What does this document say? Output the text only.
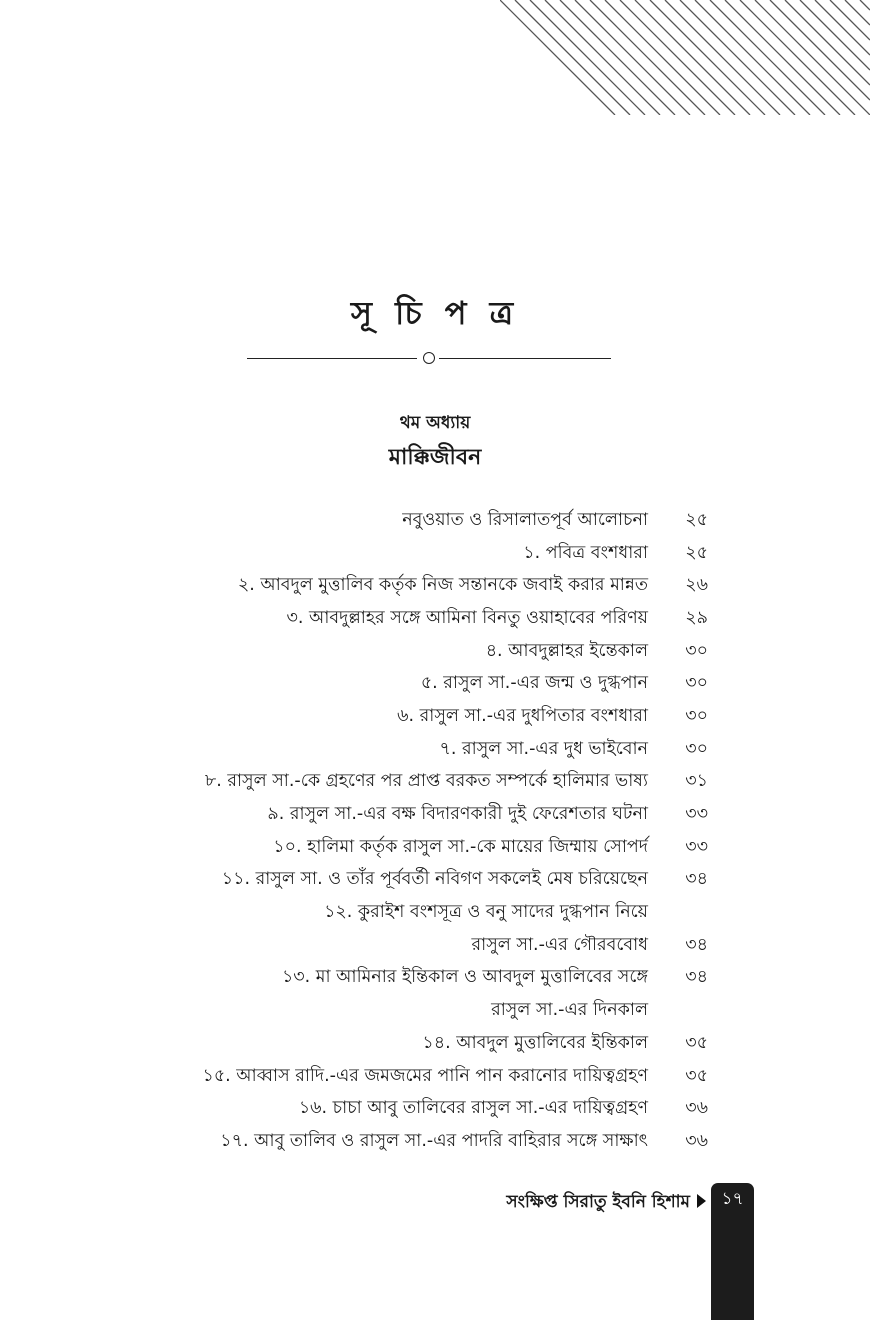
সূ চি প ত্র
থম অধ্যায়
মাক্কিজীবন
নবুওয়াত ও রিসালাতপূর্ব আলোচনা	২৫
১. পবিত্র বংশধারা	২৫
২. আবদুল মুত্তালিব কর্তৃক নিজ সন্তানকে জবাই করার মান্নত	২৬
৩. আবদুল্লাহর সঙ্গে আমিনা বিনতু ওয়াহাবের পরিণয়	২৯
৪. আবদুল্লাহর ইন্তেকাল	৩০
৫. রাসুল সা.-এর জন্ম ও দুগ্ধপান	৩০
৬. রাসুল সা.-এর দুধপিতার বংশধারা	৩০
৭. রাসুল সা.-এর দুধ ভাইবোন	৩০
৮. রাসুল সা.-কে গ্রহণের পর প্রাপ্ত বরকত সম্পর্কে হালিমার ভাষ্য	৩১
৯. রাসুল সা.-এর বক্ষ বিদারণকারী দুই ফেরেশতার ঘটনা	৩৩
১০. হালিমা কর্তৃক রাসুল সা.-কে মায়ের জিম্মায় সোপর্দ	৩৩
১১. রাসুল সা. ও তাঁর পূর্ববর্তী নবিগণ সকলেই মেষ চরিয়েছেন	৩৪
১২. কুরাইশ বংশসূত্র ও বনু সাদের দুগ্ধপান নিয়ে
রাসুল সা.-এর গৌরববোধ	৩৪
১৩. মা আমিনার ইন্তিকাল ও আবদুল মুত্তালিবের সঙ্গে	৩৪
রাসুল সা.-এর দিনকাল
১৪. আবদুল মুত্তালিবের ইন্তিকাল	৩৫
১৫. আব্বাস রাদি.-এর জমজমের পানি পান করানোর দায়িত্বগ্রহণ	৩৫
১৬. চাচা আবু তালিবের রাসুল সা.-এর দায়িত্বগ্রহণ	৩৬
১৭. আবু তালিব ও রাসুল সা.-এর পাদরি বাহিরার সঙ্গে সাক্ষাৎ	৩৬
সংক্ষিপ্ত সিরাতু ইবনি হিশাম	১৭
